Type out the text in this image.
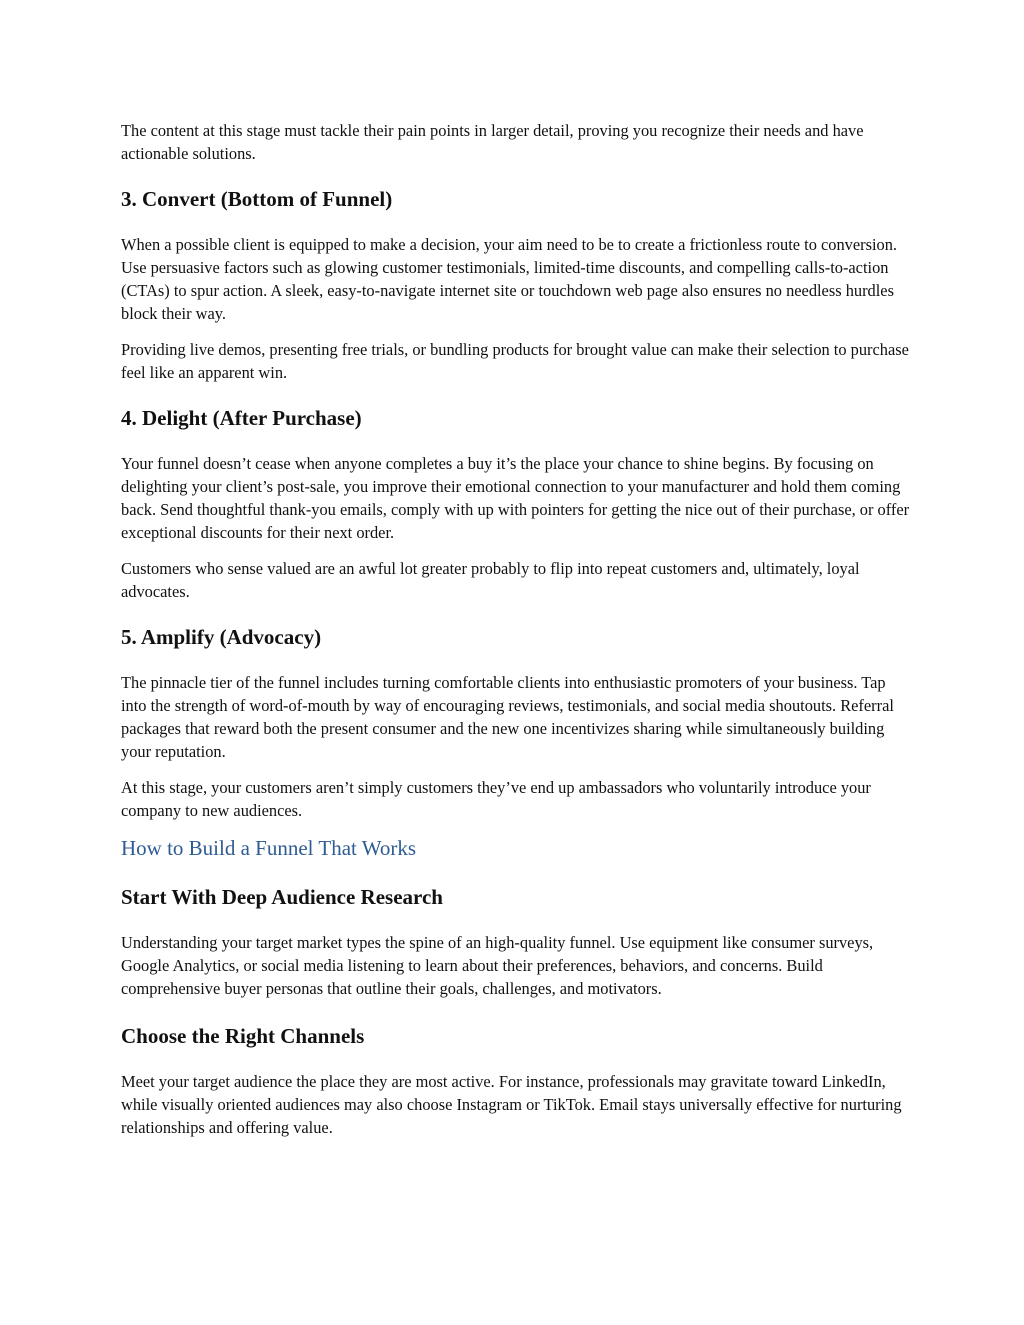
The content at this stage must tackle their pain points in larger detail, proving you recognize their needs and have actionable solutions.

3. Convert (Bottom of Funnel)

When a possible client is equipped to make a decision, your aim need to be to create a frictionless route to conversion. Use persuasive factors such as glowing customer testimonials, limited-time discounts, and compelling calls-to-action (CTAs) to spur action. A sleek, easy-to-navigate internet site or touchdown web page also ensures no needless hurdles block their way.

Providing live demos, presenting free trials, or bundling products for brought value can make their selection to purchase feel like an apparent win.

4. Delight (After Purchase)

Your funnel doesn’t cease when anyone completes a buy it’s the place your chance to shine begins. By focusing on delighting your client’s post-sale, you improve their emotional connection to your manufacturer and hold them coming back. Send thoughtful thank-you emails, comply with up with pointers for getting the nice out of their purchase, or offer exceptional discounts for their next order.

Customers who sense valued are an awful lot greater probably to flip into repeat customers and, ultimately, loyal advocates.

5. Amplify (Advocacy)

The pinnacle tier of the funnel includes turning comfortable clients into enthusiastic promoters of your business. Tap into the strength of word-of-mouth by way of encouraging reviews, testimonials, and social media shoutouts. Referral packages that reward both the present consumer and the new one incentivizes sharing while simultaneously building your reputation.

At this stage, your customers aren’t simply customers they’ve end up ambassadors who voluntarily introduce your company to new audiences.

How to Build a Funnel That Works
Start With Deep Audience Research

Understanding your target market types the spine of an high-quality funnel. Use equipment like consumer surveys, Google Analytics, or social media listening to learn about their preferences, behaviors, and concerns. Build comprehensive buyer personas that outline their goals, challenges, and motivators.

Choose the Right Channels

Meet your target audience the place they are most active. For instance, professionals may gravitate toward LinkedIn, while visually oriented audiences may also choose Instagram or TikTok. Email stays universally effective for nurturing relationships and offering value.
